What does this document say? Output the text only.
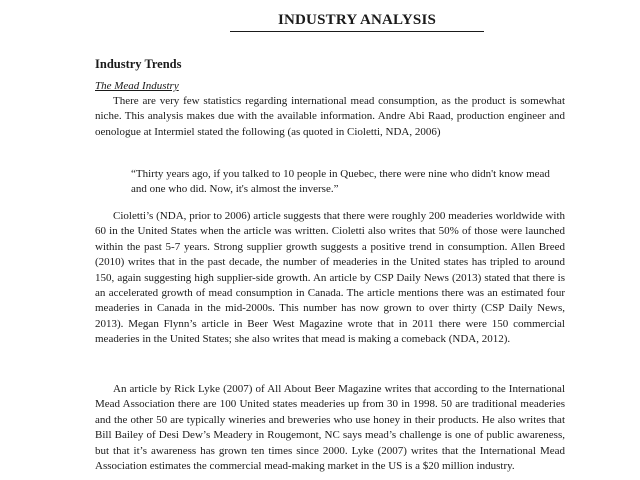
INDUSTRY ANALYSIS
Industry Trends
The Mead Industry
There are very few statistics regarding international mead consumption, as the product is somewhat niche. This analysis makes due with the available information. Andre Abi Raad, production engineer and oenologue at Intermiel stated the following (as quoted in Cioletti, NDA, 2006)
“Thirty years ago, if you talked to 10 people in Quebec, there were nine who didn't know mead and one who did. Now, it's almost the inverse.”
Cioletti’s (NDA, prior to 2006) article suggests that there were roughly 200 meaderies worldwide with 60 in the United States when the article was written. Cioletti also writes that 50% of those were launched within the past 5-7 years. Strong supplier growth suggests a positive trend in consumption. Allen Breed (2010) writes that in the past decade, the number of meaderies in the United states has tripled to around 150, again suggesting high supplier-side growth. An article by CSP Daily News (2013) stated that there is an accelerated growth of mead consumption in Canada. The article mentions there was an estimated four meaderies in Canada in the mid-2000s. This number has now grown to over thirty (CSP Daily News, 2013). Megan Flynn’s article in Beer West Magazine wrote that in 2011 there were 150 commercial meaderies in the United States; she also writes that mead is making a comeback (NDA, 2012).
An article by Rick Lyke (2007) of All About Beer Magazine writes that according to the International Mead Association there are 100 United states meaderies up from 30 in 1998. 50 are traditional meaderies and the other 50 are typically wineries and breweries who use honey in their products. He also writes that Bill Bailey of Desi Dew’s Meadery in Rougemont, NC says mead’s challenge is one of public awareness, but that it’s awareness has grown ten times since 2000. Lyke (2007) writes that the International Mead Association estimates the commercial mead-making market in the US is a $20 million industry.
